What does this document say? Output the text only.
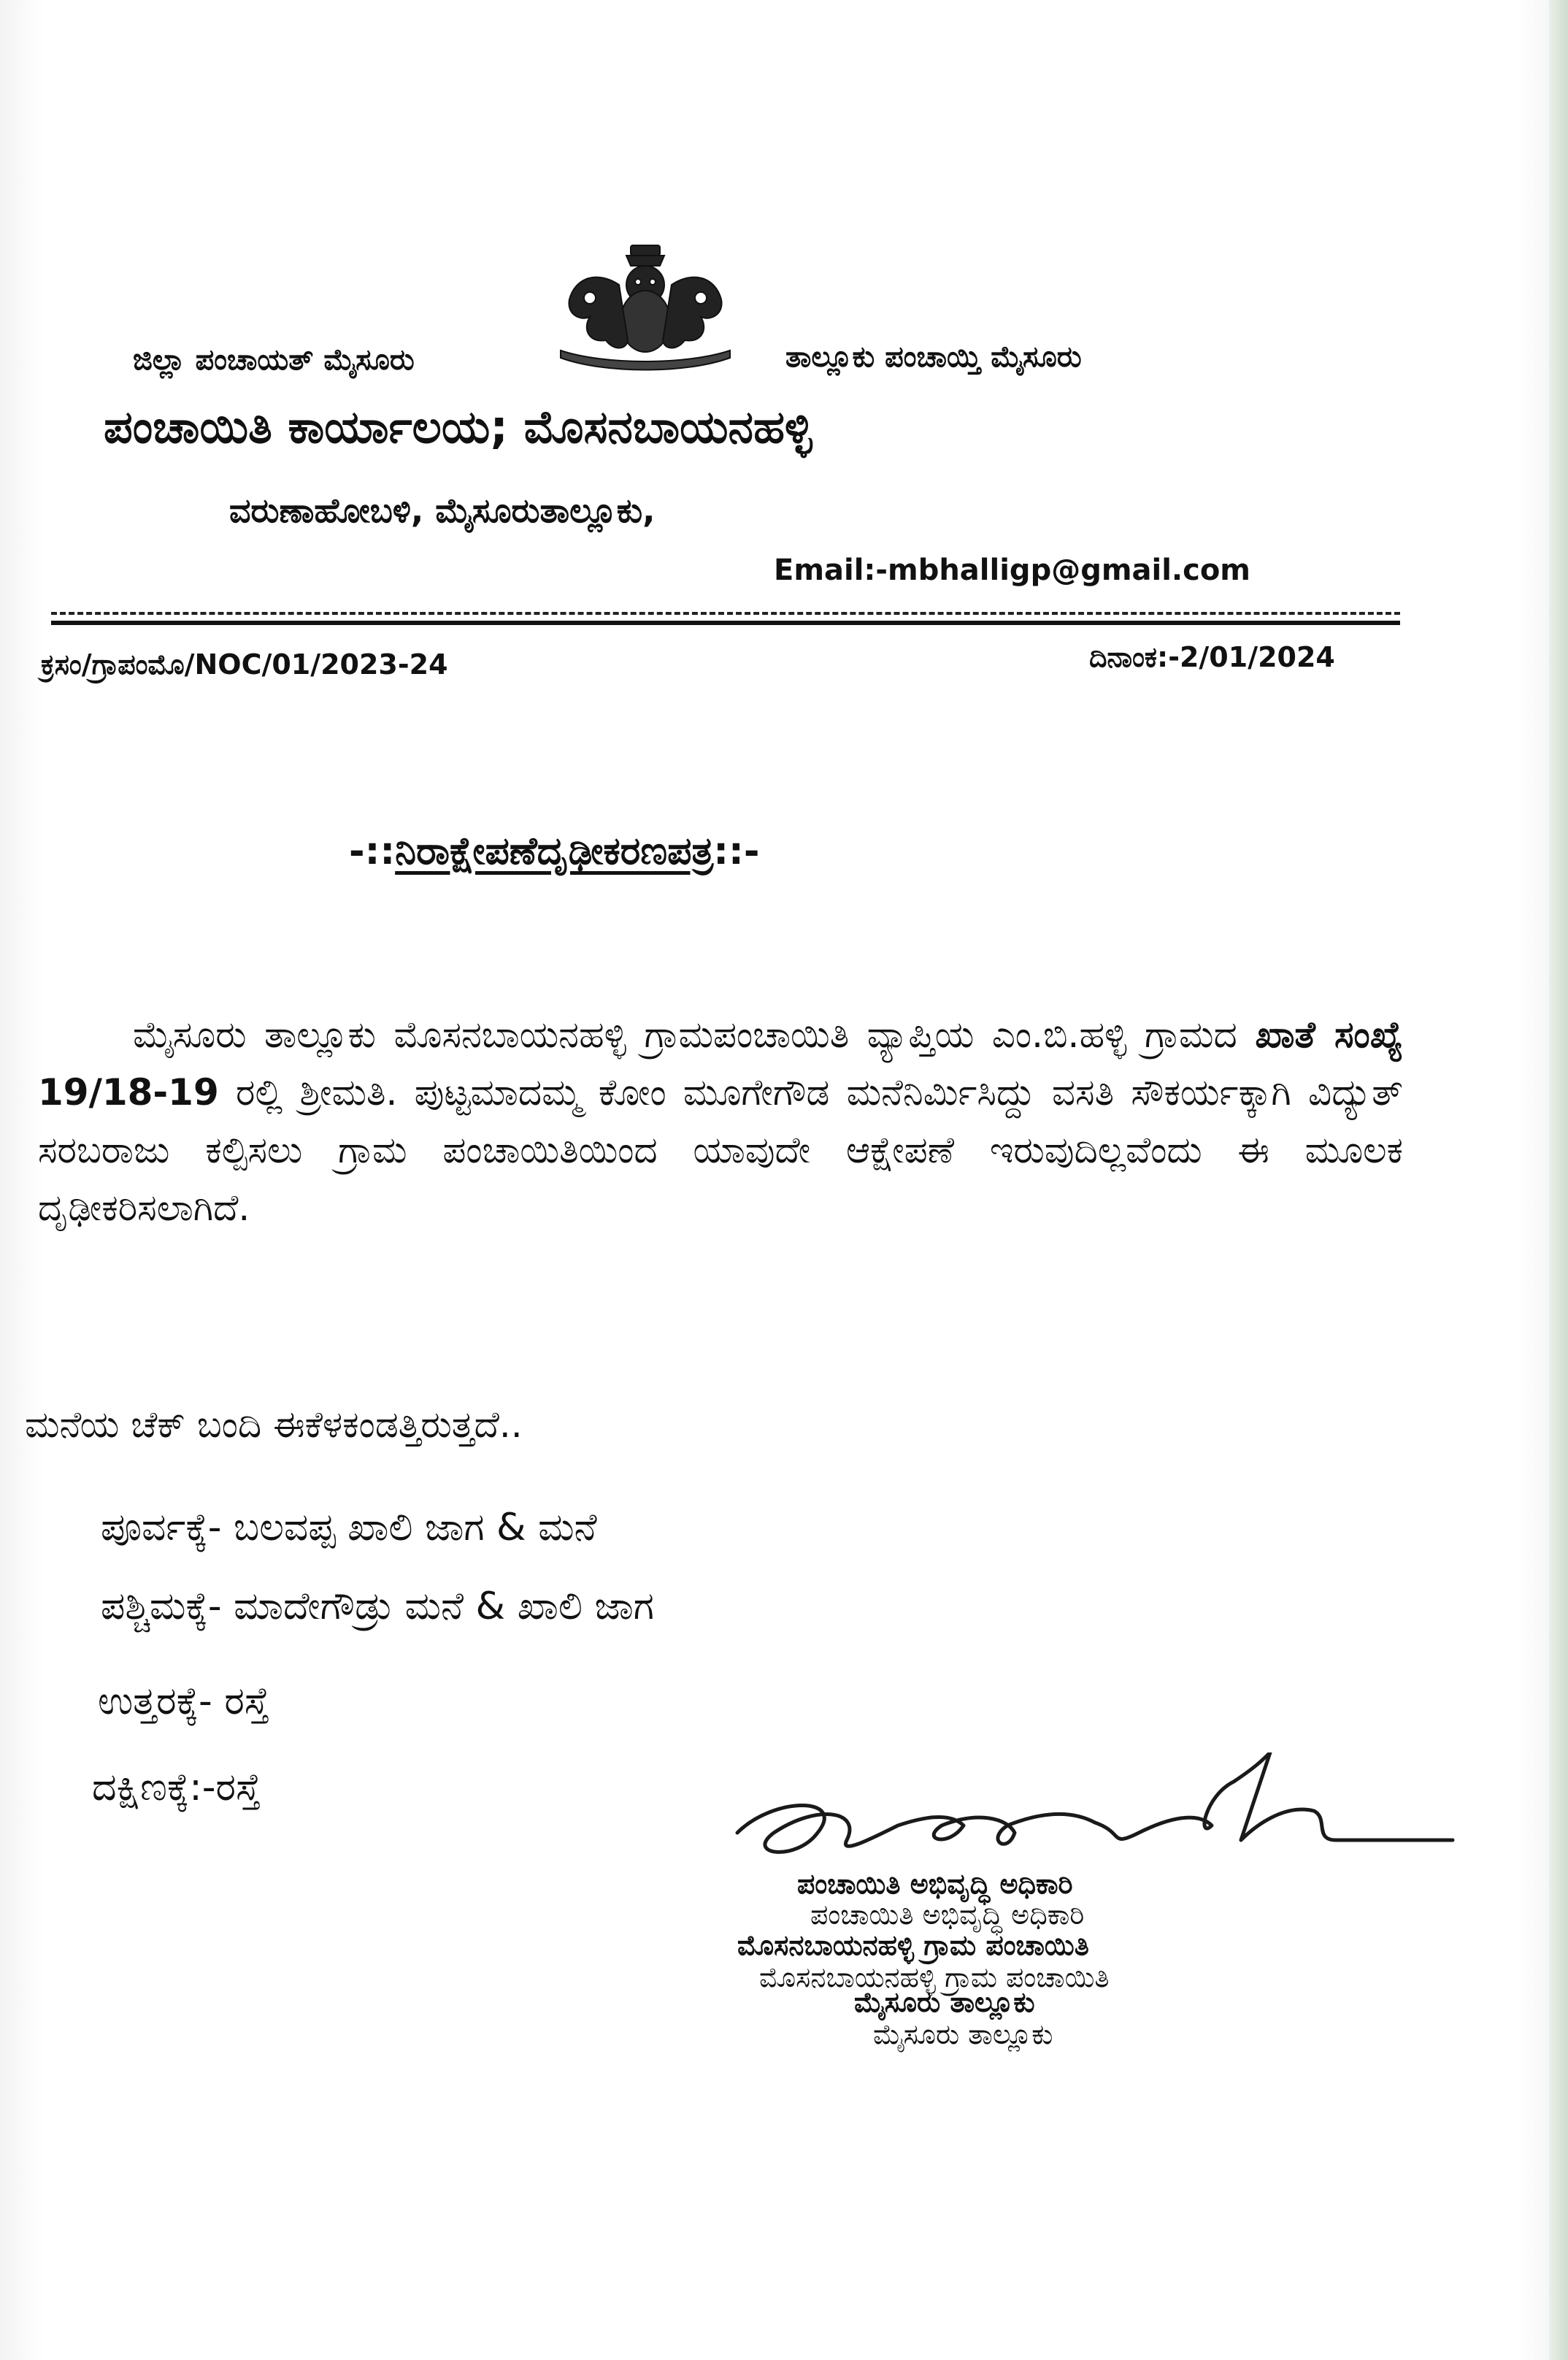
ಜಿಲ್ಲಾ ಪಂಚಾಯತ್ ಮೈಸೂರು	ತಾಲ್ಲೂಕು ಪಂಚಾಯ್ತಿ ಮೈಸೂರು
ಪಂಚಾಯಿತಿ ಕಾರ್ಯಾಲಯ; ಮೊಸನಬಾಯನಹಳ್ಳಿ
ವರುಣಾಹೋಬಳಿ, ಮೈಸೂರುತಾಲ್ಲೂಕು,
Email:-mbhalligp@gmail.com
ಕ್ರಸಂ/ಗ್ರಾಪಂಮೊ/NOC/01/2023-24	ದಿನಾಂಕ:-2/01/2024
-::ನಿರಾಕ್ಷೇಪಣೆದೃಢೀಕರಣಪತ್ರ::-

ಮೈಸೂರು ತಾಲ್ಲೂಕು ಮೊಸನಬಾಯನಹಳ್ಳಿ ಗ್ರಾಮಪಂಚಾಯಿತಿ ವ್ಯಾಪ್ತಿಯ ಎಂ.ಬಿ.ಹಳ್ಳಿ ಗ್ರಾಮದ ಖಾತೆ ಸಂಖ್ಯೆ 19/18-19 ರಲ್ಲಿ ಶ್ರೀಮತಿ. ಪುಟ್ಟಮಾದಮ್ಮ ಕೋಂ ಮೂಗೇಗೌಡ ಮನೆನಿರ್ಮಿಸಿದ್ದು ವಸತಿ ಸೌಕರ್ಯಕ್ಕಾಗಿ ವಿದ್ಯುತ್ ಸರಬರಾಜು ಕಲ್ಪಿಸಲು ಗ್ರಾಮ ಪಂಚಾಯಿತಿಯಿಂದ ಯಾವುದೇ ಆಕ್ಷೇಪಣೆ ಇರುವುದಿಲ್ಲವೆಂದು ಈ ಮೂಲಕ ದೃಢೀಕರಿಸಲಾಗಿದೆ.

ಮನೆಯ ಚೆಕ್ ಬಂದಿ ಈಕೆಳಕಂಡತ್ತಿರುತ್ತದೆ..
ಪೂರ್ವಕ್ಕೆ- ಬಲವಪ್ಪ ಖಾಲಿ ಜಾಗ & ಮನೆ
ಪಶ್ಚಿಮಕ್ಕೆ- ಮಾದೇಗೌಡ್ರು ಮನೆ & ಖಾಲಿ ಜಾಗ
ಉತ್ತರಕ್ಕೆ- ರಸ್ತೆ
ದಕ್ಷಿಣಕ್ಕೆ:-ರಸ್ತೆ
ಪಂಚಾಯಿತಿ ಅಭಿವೃದ್ಧಿ ಅಧಿಕಾರಿ
ಪಂಚಾಯಿತಿ ಅಭಿವೃದ್ಧಿ ಅಧಿಕಾರಿ
ಮೊಸನಬಾಯನಹಳ್ಳಿ ಗ್ರಾಮ ಪಂಚಾಯಿತಿ
ಮೊಸನಬಾಯನಹಳ್ಳಿ ಗ್ರಾಮ ಪಂಚಾಯಿತಿ
ಮೈಸೂರು ತಾಲ್ಲೂಕು
ಮೈಸೂರು ತಾಲ್ಲೂಕು
